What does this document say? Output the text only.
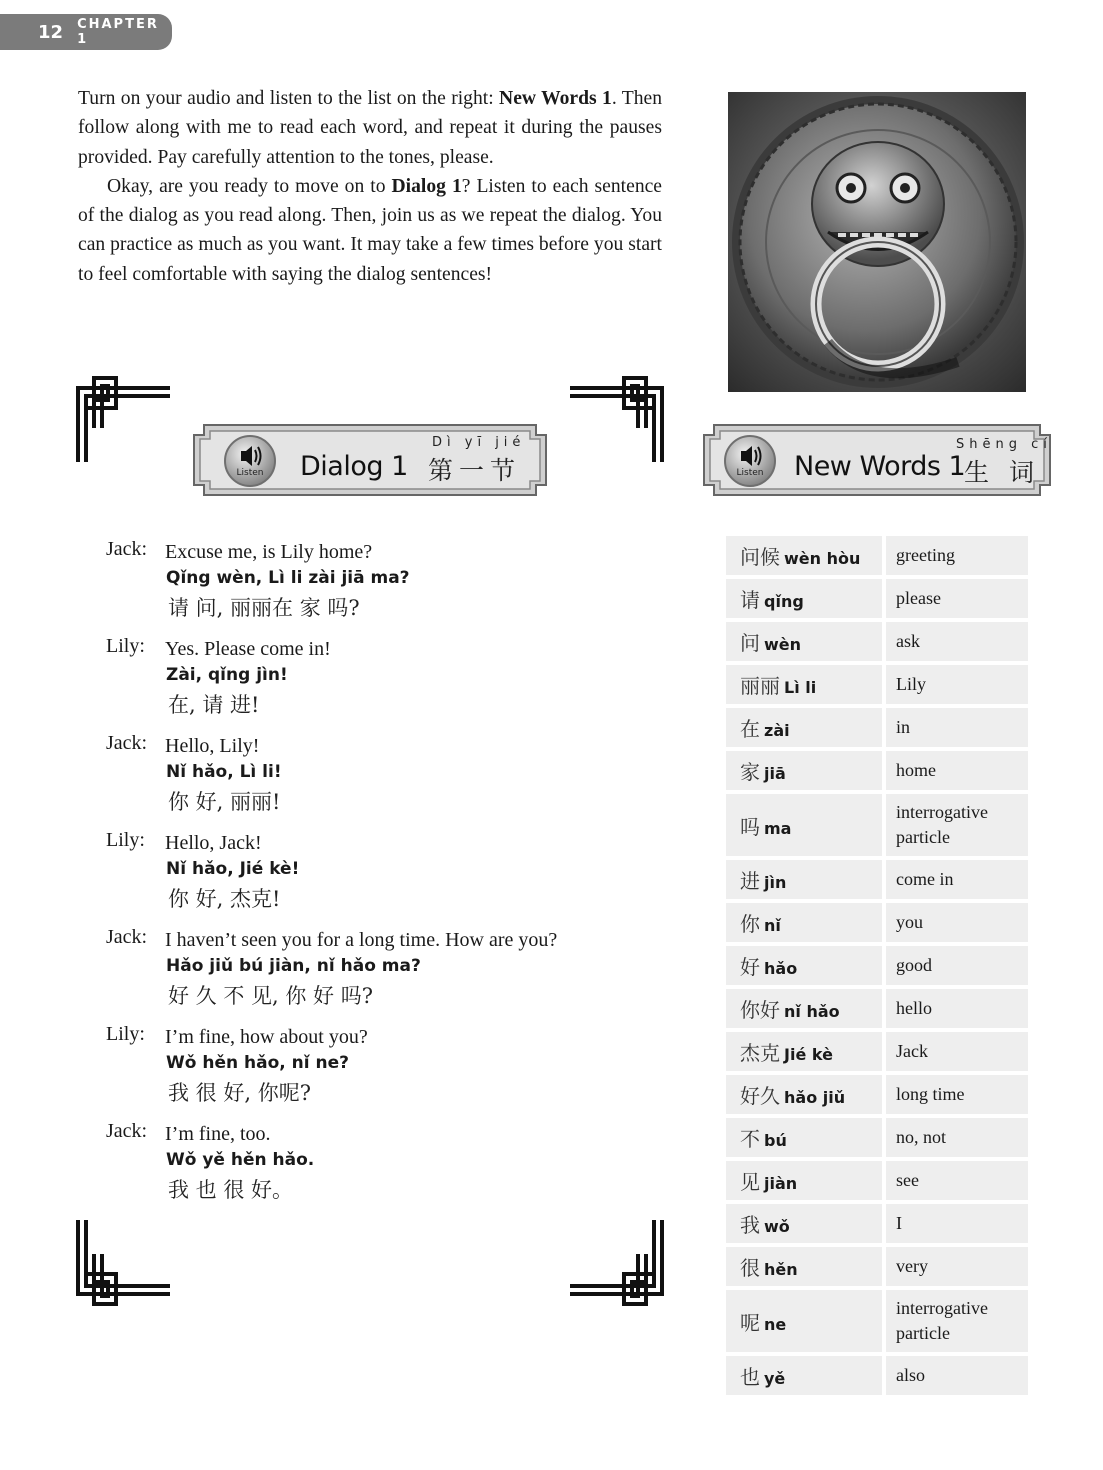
12 CHAPTER 1

Turn on your audio and listen to the list on the right: New Words 1. Then follow along with me to read each word, and repeat it during the pauses provided. Pay carefully attention to the tones, please.

Okay, are you ready to move on to Dialog 1? Listen to each sentence of the dialog as you read along. Then, join us as we repeat the dialog. You can practice as much as you want. It may take a few times before you start to feel comfortable with saying the dialog sentences!

Listen	Dialog 1
Dì yī jié
第一节	Listen	New Words 1
Shēng cí
生 词
Jack: Excuse me, is Lily home?
Qǐng wèn, Lì li zài jiā ma?
请 问, 丽丽在 家 吗?
Lily: Yes. Please come in!
Zài, qǐng jìn!
在, 请 进!
Jack: Hello, Lily!
Nǐ hǎo, Lì li!
你 好, 丽丽!
Lily: Hello, Jack!
Nǐ hǎo, Jié kè!
你 好, 杰克!
Jack: I haven’t seen you for a long time. How are you?
Hǎo jiǔ bú jiàn, nǐ hǎo ma?
好 久 不 见, 你 好 吗?
Lily: I’m fine, how about you?
Wǒ hěn hǎo, nǐ ne?
我 很 好, 你呢?
Jack: I’m fine, too.
Wǒ yě hěn hǎo.
我 也 很 好。
问候 wèn hòu	greeting
请 qǐng	please
问 wèn	ask
丽丽 Lì li	Lily
在 zài	in
家 jiā	home
吗 ma	interrogative particle
进 jìn	come in
你 nǐ	you
好 hǎo	good
你好 nǐ hǎo	hello
杰克 Jié kè	Jack
好久 hǎo jiǔ	long time
不 bú	no, not
见 jiàn	see
我 wǒ	I
很 hěn	very
呢 ne	interrogative particle
也 yě	also
